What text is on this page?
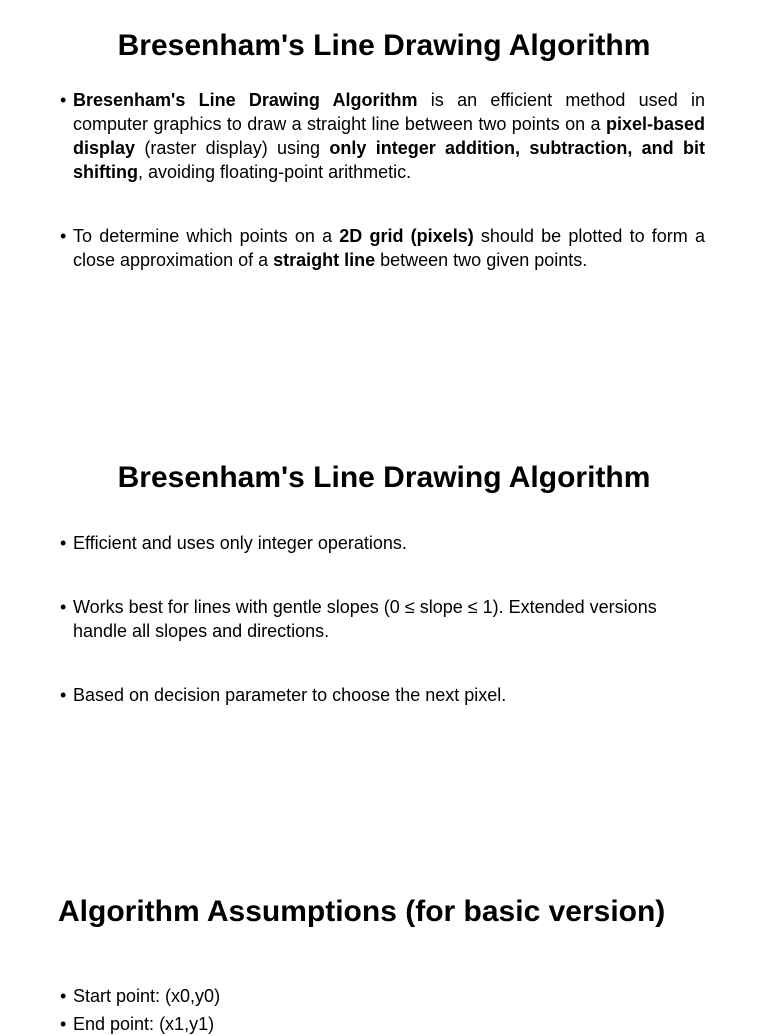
Bresenham's Line Drawing Algorithm
• Bresenham's Line Drawing Algorithm is an efficient method used in computer graphics to draw a straight line between two points on a pixel-based display (raster display) using only integer addition, subtraction, and bit shifting, avoiding floating-point arithmetic.
• To determine which points on a 2D grid (pixels) should be plotted to form a close approximation of a straight line between two given points.
Bresenham's Line Drawing Algorithm
• Efficient and uses only integer operations.
• Works best for lines with gentle slopes (0 ≤ slope ≤ 1). Extended versions handle all slopes and directions.
• Based on decision parameter to choose the next pixel.
Algorithm Assumptions (for basic version)
• Start point: (x0,y0)
• End point: (x1,y1)
